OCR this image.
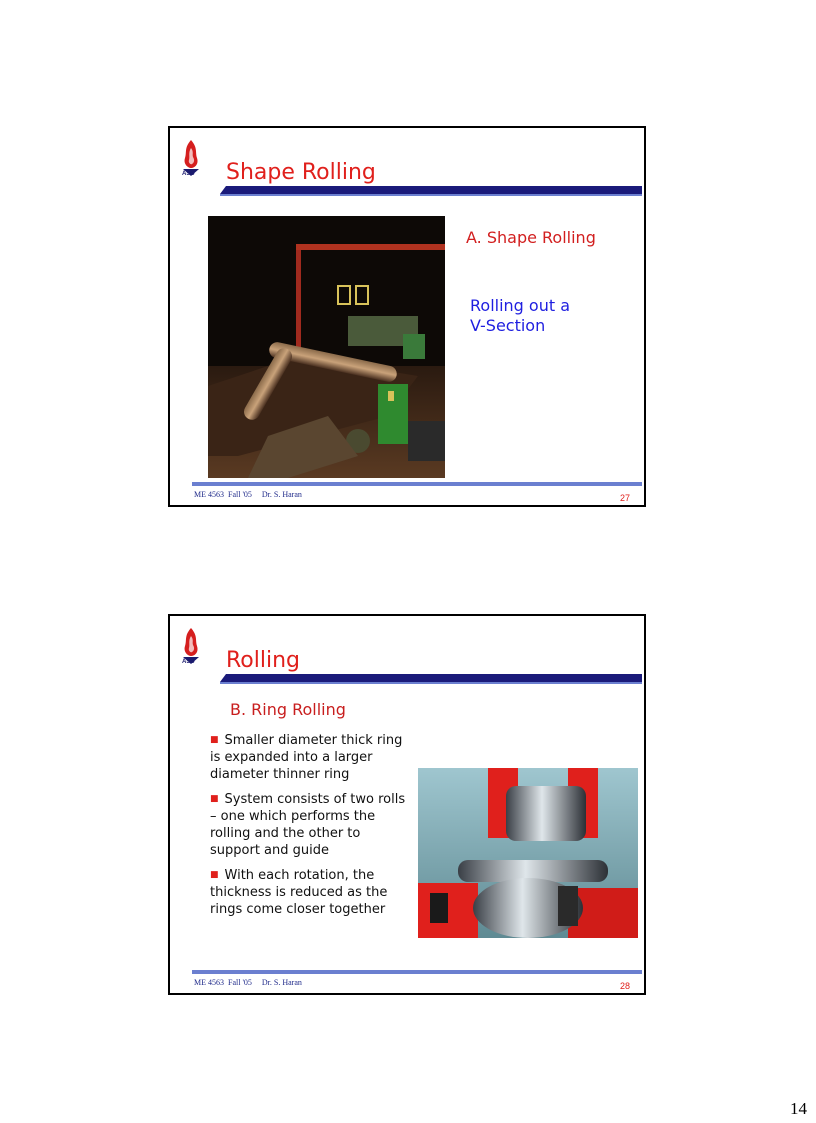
ASU Shape Rolling
A. Shape Rolling
Rolling out a
V-Section
ME 4563  Fall '05     Dr. S. Haran	27
ASU Rolling
B. Ring Rolling
■ Smaller diameter thick ring is expanded into a larger diameter thinner ring
■ System consists of two rolls – one which performs the rolling and the other to support and guide
■ With each rotation, the thickness is reduced as the rings come closer together
ME 4563  Fall '05     Dr. S. Haran	28
14
